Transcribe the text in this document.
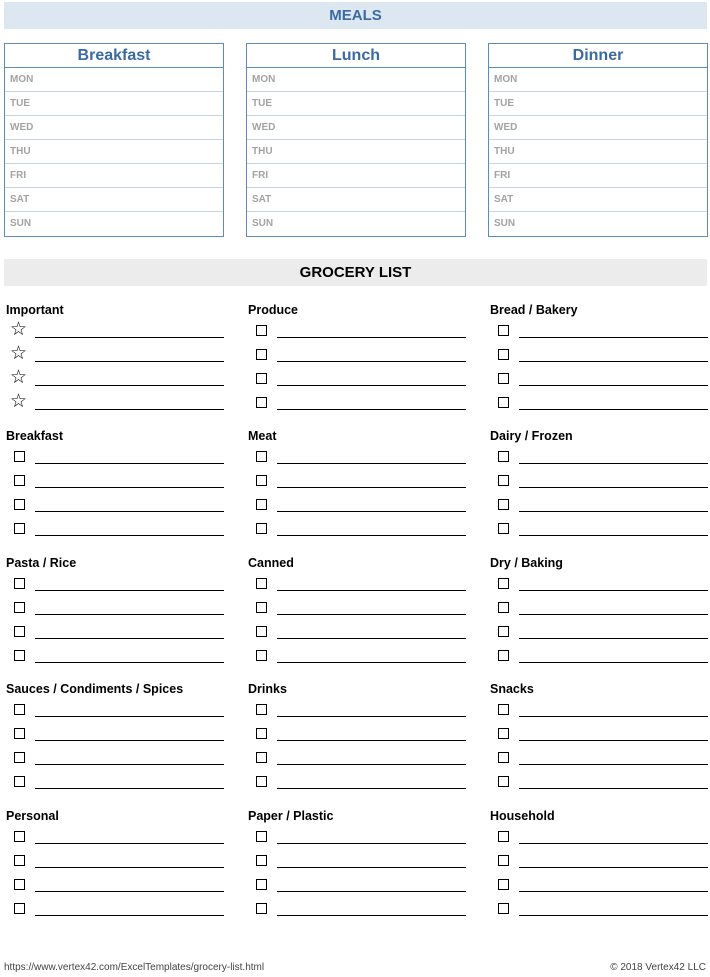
MEALS
Breakfast
MON
TUE
WED
THU
FRI
SAT
SUN
Lunch
MON
TUE
WED
THU
FRI
SAT
SUN
Dinner
MON
TUE
WED
THU
FRI
SAT
SUN
GROCERY LIST
Important
☆
☆
☆
☆
Produce	Bread / Bakery
Breakfast	Meat	Dairy / Frozen
Pasta / Rice	Canned	Dry / Baking
Sauces / Condiments / Spices	Drinks	Snacks
Personal	Paper / Plastic	Household
https://www.vertex42.com/ExcelTemplates/grocery-list.html	© 2018 Vertex42 LLC
